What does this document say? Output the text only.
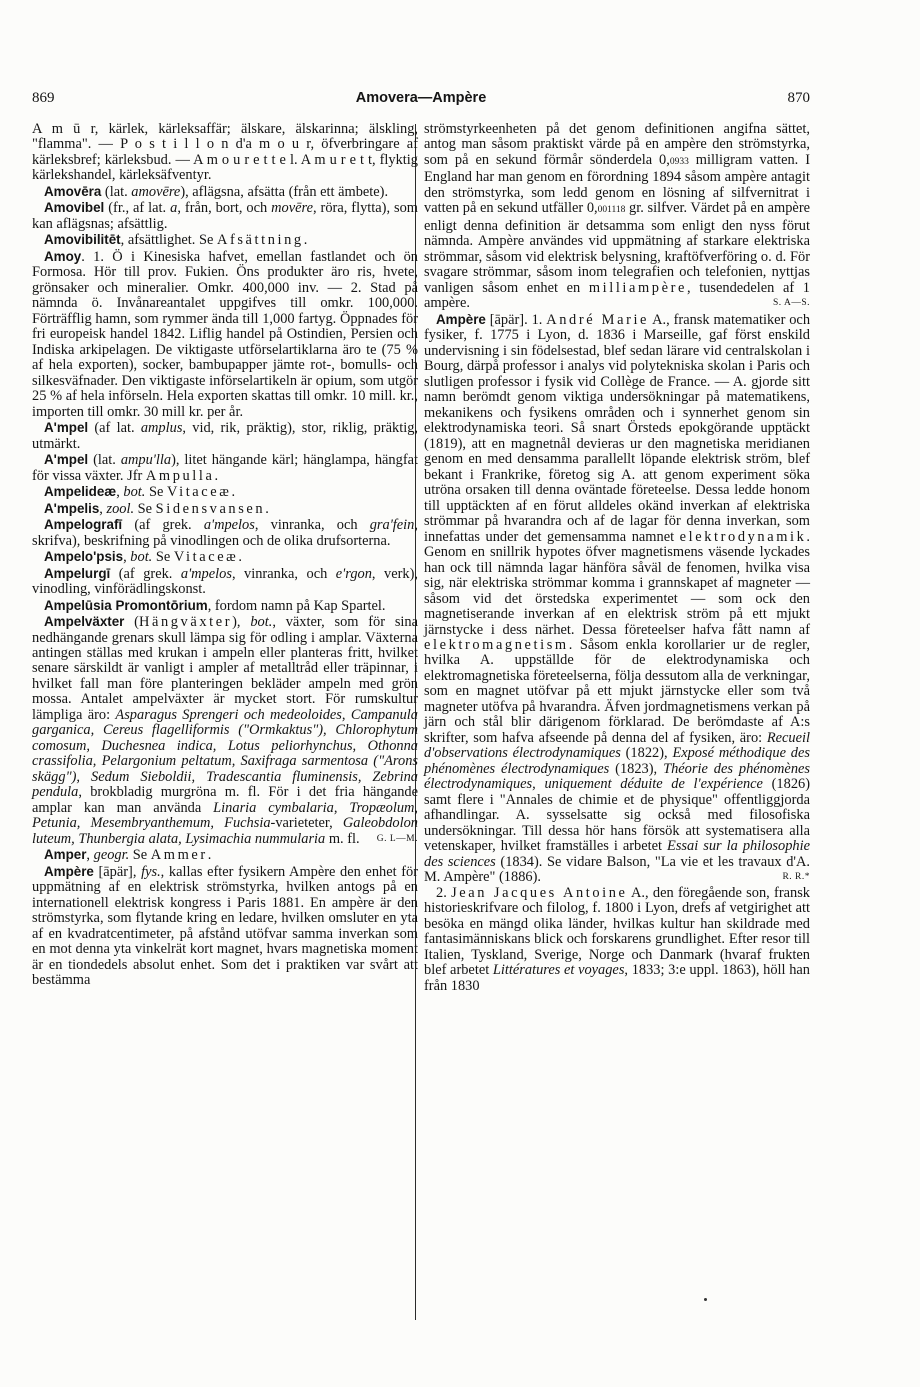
869	Amovera—Ampère	870

A m ū r, kärlek, kärleksaffär; älskare, älskarinna; älskling, "flamma". — P o s t i l l o n d'a m o u r, öfverbringare af kärleksbref; kärleksbud. — A m o u r e t t e l. A m u r e t t, flyktig kärlekshandel, kärleksäfventyr.

Amovēra (lat. amovēre), aflägsna, afsätta (från ett ämbete).

Amovibel (fr., af lat. a, från, bort, och movēre, röra, flytta), som kan aflägsnas; afsättlig.

Amovibilitēt, afsättlighet. Se Afsättning.

Amoy. 1. Ö i Kinesiska hafvet, emellan fastlandet och ön Formosa. Hör till prov. Fukien. Öns produkter äro ris, hvete, grönsaker och mineralier. Omkr. 400,000 inv. — 2. Stad på nämnda ö. Invånareantalet uppgifves till omkr. 100,000. Förträfflig hamn, som rymmer ända till 1,000 fartyg. Öppnades för fri europeisk handel 1842. Liflig handel på Ostindien, Persien och Indiska arkipelagen. De viktigaste utförselartiklarna äro te (75 % af hela exporten), socker, bambupapper jämte rot-, bomulls- och silkesväfnader. Den viktigaste införselartikeln är opium, som utgör 25 % af hela införseln. Hela exporten skattas till omkr. 10 mill. kr., importen till omkr. 30 mill kr. per år.

A'mpel (af lat. amplus, vid, rik, präktig), stor, riklig, präktig, utmärkt.

A'mpel (lat. ampu'lla), litet hängande kärl; hänglampa, hängfat för vissa växter. Jfr Ampulla.

Ampelideæ, bot. Se Vitaceæ.

A'mpelis, zool. Se Sidensvansen.

Ampelografī (af grek. a'mpelos, vinranka, och gra'fein, skrifva), beskrifning på vinodlingen och de olika drufsorterna.

Ampelo'psis, bot. Se Vitaceæ.

Ampelurgī (af grek. a'mpelos, vinranka, och e'rgon, verk), vinodling, vinförädlingskonst.

Ampelūsia Promontōrium, fordom namn på Kap Spartel.

Ampelväxter (Hängväxter), bot., växter, som för sina nedhängande grenars skull lämpa sig för odling i amplar. Växterna antingen ställas med krukan i ampeln eller planteras fritt, hvilket senare särskildt är vanligt i ampler af metalltråd eller träpinnar, i hvilket fall man före planteringen bekläder ampeln med grön mossa. Antalet ampelväxter är mycket stort. För rumskultur lämpliga äro: Asparagus Sprengeri och medeoloides, Campanula garganica, Cereus flagelliformis ("Ormkaktus"), Chlorophytum comosum, Duchesnea indica, Lotus peliorhynchus, Othonna crassifolia, Pelargonium peltatum, Saxifraga sarmentosa ("Arons skägg"), Sedum Sieboldii, Tradescantia fluminensis, Zebrina pendula, brokbladig murgröna m. fl. För i det fria hängande amplar kan man använda Linaria cymbalaria, Tropæolum, Petunia, Mesembryanthemum, Fuchsia-varieteter, Galeobdolon luteum, Thunbergia alata, Lysimachia nummularia m. fl.	G. L—M.

Amper, geogr. Se Ammer.

Ampère [āpär], fys., kallas efter fysikern Ampère den enhet för uppmätning af en elektrisk strömstyrka, hvilken antogs på en internationell elektrisk kongress i Paris 1881. En ampère är den strömstyrka, som flytande kring en ledare, hvilken omsluter en yta af en kvadratcentimeter, på afstånd utöfvar samma inverkan som en mot denna yta vinkelrät kort magnet, hvars magnetiska moment är en tiondedels absolut enhet. Som det i praktiken var svårt att bestämma

strömstyrkeenheten på det genom definitionen angifna sättet, antog man såsom praktiskt värde på en ampère den strömstyrka, som på en sekund förmår sönderdela 0,0933 milligram vatten. I England har man genom en förordning 1894 såsom ampère antagit den strömstyrka, som ledd genom en lösning af silfvernitrat i vatten på en sekund utfäller 0,001118 gr. silfver. Värdet på en ampère enligt denna definition är detsamma som enligt den nyss förut nämnda. Ampère användes vid uppmätning af starkare elektriska strömmar, såsom vid elektrisk belysning, kraftöfverföring o. d. För svagare strömmar, såsom inom telegrafien och telefonien, nyttjas vanligen såsom enhet en milliampère, tusendedelen af 1 ampère.	S. A—S.

Ampère [āpär]. 1. André Marie A., fransk matematiker och fysiker, f. 1775 i Lyon, d. 1836 i Marseille, gaf först enskild undervisning i sin födelsestad, blef sedan lärare vid centralskolan i Bourg, därpå professor i analys vid polytekniska skolan i Paris och slutligen professor i fysik vid Collège de France. — A. gjorde sitt namn berömdt genom viktiga undersökningar på matematikens, mekanikens och fysikens områden och i synnerhet genom sin elektrodynamiska teori. Så snart Örsteds epokgörande upptäckt (1819), att en magnetnål devieras ur den magnetiska meridianen genom en med densamma parallellt löpande elektrisk ström, blef bekant i Frankrike, företog sig A. att genom experiment söka utröna orsaken till denna oväntade företeelse. Dessa ledde honom till upptäckten af en förut alldeles okänd inverkan af elektriska strömmar på hvarandra och af de lagar för denna inverkan, som innefattas under det gemensamma namnet elektrodynamik. Genom en snillrik hypotes öfver magnetismens väsende lyckades han ock till nämnda lagar hänföra såväl de fenomen, hvilka visa sig, när elektriska strömmar komma i grannskapet af magneter — såsom vid det örstedska experimentet — som ock den magnetiserande inverkan af en elektrisk ström på ett mjukt järnstycke i dess närhet. Dessa företeelser hafva fått namn af elektromagnetism. Såsom enkla korollarier ur de regler, hvilka A. uppställde för de elektrodynamiska och elektromagnetiska företeelserna, följa dessutom alla de verkningar, som en magnet utöfvar på ett mjukt järnstycke eller som två magneter utöfva på hvarandra. Äfven jordmagnetismens verkan på järn och stål blir därigenom förklarad. De berömdaste af A:s skrifter, som hafva afseende på denna del af fysiken, äro: Recueil d'observations électrodynamiques (1822), Exposé méthodique des phénomènes électrodynamiques (1823), Théorie des phénomènes électrodynamiques, uniquement déduite de l'expérience (1826) samt flere i "Annales de chimie et de physique" offentliggjorda afhandlingar. A. sysselsatte sig också med filosofiska undersökningar. Till dessa hör hans försök att systematisera alla vetenskaper, hvilket framställes i arbetet Essai sur la philosophie des sciences (1834). Se vidare Balson, "La vie et les travaux d'A. M. Ampère" (1886).	R. R.*

2. Jean Jacques Antoine A., den föregående son, fransk historieskrifvare och filolog, f. 1800 i Lyon, drefs af vetgirighet att besöka en mängd olika länder, hvilkas kultur han skildrade med fantasimänniskans blick och forskarens grundlighet. Efter resor till Italien, Tyskland, Sverige, Norge och Danmark (hvaraf frukten blef arbetet Littératures et voyages, 1833; 3:e uppl. 1863), höll han från 1830
